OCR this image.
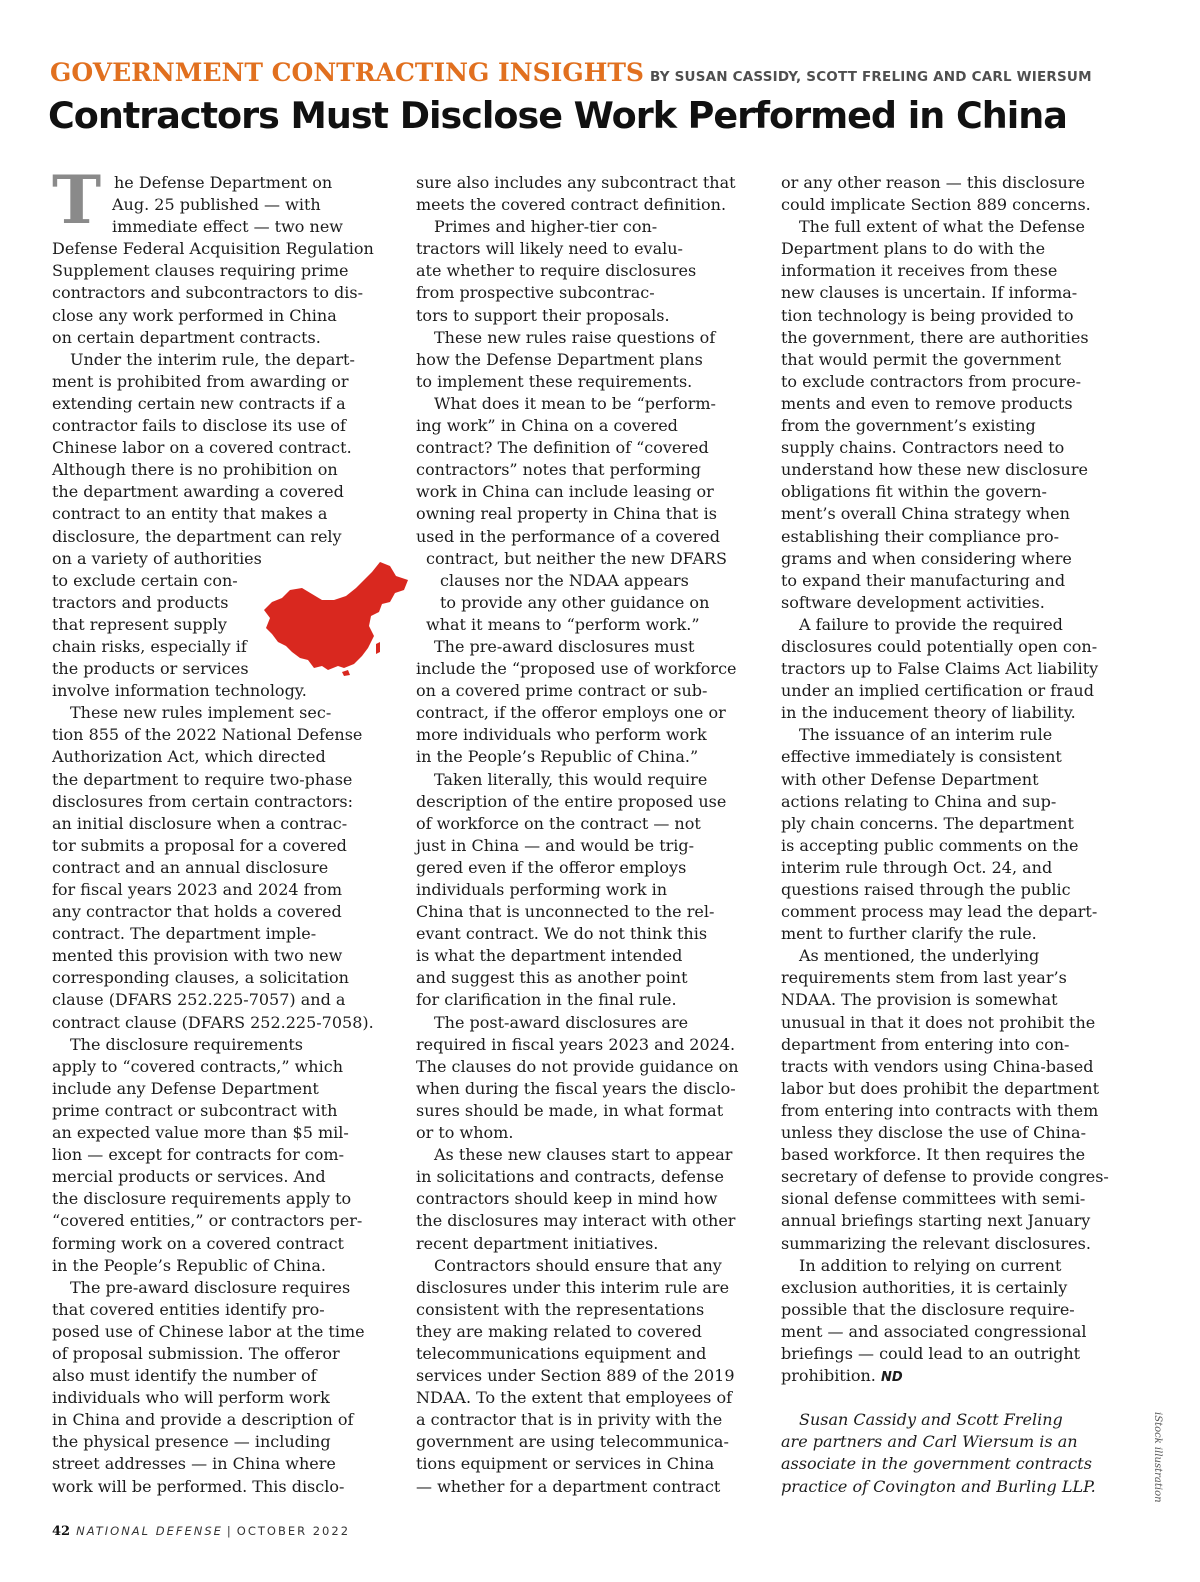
GOVERNMENT CONTRACTING INSIGHTS BY SUSAN CASSIDY, SCOTT FRELING AND CARL WIERSUM
Contractors Must Disclose Work Performed in China
T he Defense Department on
Aug. 25 published — with
immediate effect — two new
Defense Federal Acquisition Regulation
Supplement clauses requiring prime
contractors and subcontractors to dis-
close any work performed in China
on certain department contracts.
Under the interim rule, the depart-
ment is prohibited from awarding or
extending certain new contracts if a
contractor fails to disclose its use of
Chinese labor on a covered contract.
Although there is no prohibition on
the department awarding a covered
contract to an entity that makes a
disclosure, the department can rely
on a variety of authorities
to exclude certain con-
tractors and products
that represent supply
chain risks, especially if
the products or services
involve information technology.
These new rules implement sec-
tion 855 of the 2022 National Defense
Authorization Act, which directed
the department to require two-phase
disclosures from certain contractors:
an initial disclosure when a contrac-
tor submits a proposal for a covered
contract and an annual disclosure
for fiscal years 2023 and 2024 from
any contractor that holds a covered
contract. The department imple-
mented this provision with two new
corresponding clauses, a solicitation
clause (DFARS 252.225-7057) and a
contract clause (DFARS 252.225-7058).
The disclosure requirements
apply to “covered contracts,” which
include any Defense Department
prime contract or subcontract with
an expected value more than $5 mil-
lion — except for contracts for com-
mercial products or services. And
the disclosure requirements apply to
“covered entities,” or contractors per-
forming work on a covered contract
in the People’s Republic of China.
The pre-award disclosure requires
that covered entities identify pro-
posed use of Chinese labor at the time
of proposal submission. The offeror
also must identify the number of
individuals who will perform work
in China and provide a description of
the physical presence — including
street addresses — in China where
work will be performed. This disclo-
sure also includes any subcontract that
meets the covered contract definition.
Primes and higher-tier con-
tractors will likely need to evalu-
ate whether to require disclosures
from prospective subcontrac-
tors to support their proposals.
These new rules raise questions of
how the Defense Department plans
to implement these requirements.
What does it mean to be “perform-
ing work” in China on a covered
contract? The definition of “covered
contractors” notes that performing
work in China can include leasing or
owning real property in China that is
used in the performance of a covered
contract, but neither the new DFARS
clauses nor the NDAA appears
to provide any other guidance on
what it means to “perform work.”
The pre-award disclosures must
include the “proposed use of workforce
on a covered prime contract or sub-
contract, if the offeror employs one or
more individuals who perform work
in the People’s Republic of China.”
Taken literally, this would require
description of the entire proposed use
of workforce on the contract — not
just in China — and would be trig-
gered even if the offeror employs
individuals performing work in
China that is unconnected to the rel-
evant contract. We do not think this
is what the department intended
and suggest this as another point
for clarification in the final rule.
The post-award disclosures are
required in fiscal years 2023 and 2024.
The clauses do not provide guidance on
when during the fiscal years the disclo-
sures should be made, in what format
or to whom.
As these new clauses start to appear
in solicitations and contracts, defense
contractors should keep in mind how
the disclosures may interact with other
recent department initiatives.
Contractors should ensure that any
disclosures under this interim rule are
consistent with the representations
they are making related to covered
telecommunications equipment and
services under Section 889 of the 2019
NDAA. To the extent that employees of
a contractor that is in privity with the
government are using telecommunica-
tions equipment or services in China
— whether for a department contract
or any other reason — this disclosure
could implicate Section 889 concerns.
The full extent of what the Defense
Department plans to do with the
information it receives from these
new clauses is uncertain. If informa-
tion technology is being provided to
the government, there are authorities
that would permit the government
to exclude contractors from procure-
ments and even to remove products
from the government’s existing
supply chains. Contractors need to
understand how these new disclosure
obligations fit within the govern-
ment’s overall China strategy when
establishing their compliance pro-
grams and when considering where
to expand their manufacturing and
software development activities.
A failure to provide the required
disclosures could potentially open con-
tractors up to False Claims Act liability
under an implied certification or fraud
in the inducement theory of liability.
The issuance of an interim rule
effective immediately is consistent
with other Defense Department
actions relating to China and sup-
ply chain concerns. The department
is accepting public comments on the
interim rule through Oct. 24, and
questions raised through the public
comment process may lead the depart-
ment to further clarify the rule.
As mentioned, the underlying
requirements stem from last year’s
NDAA. The provision is somewhat
unusual in that it does not prohibit the
department from entering into con-
tracts with vendors using China-based
labor but does prohibit the department
from entering into contracts with them
unless they disclose the use of China-
based workforce. It then requires the
secretary of defense to provide congres-
sional defense committees with semi-
annual briefings starting next January
summarizing the relevant disclosures.
In addition to relying on current
exclusion authorities, it is certainly
possible that the disclosure require-
ment — and associated congressional
briefings — could lead to an outright
prohibition. ND
Susan Cassidy and Scott Freling
are partners and Carl Wiersum is an
associate in the government contracts
practice of Covington and Burling LLP.	iStock illustration
42 NATIONAL DEFENSE | OCTOBER 2022
